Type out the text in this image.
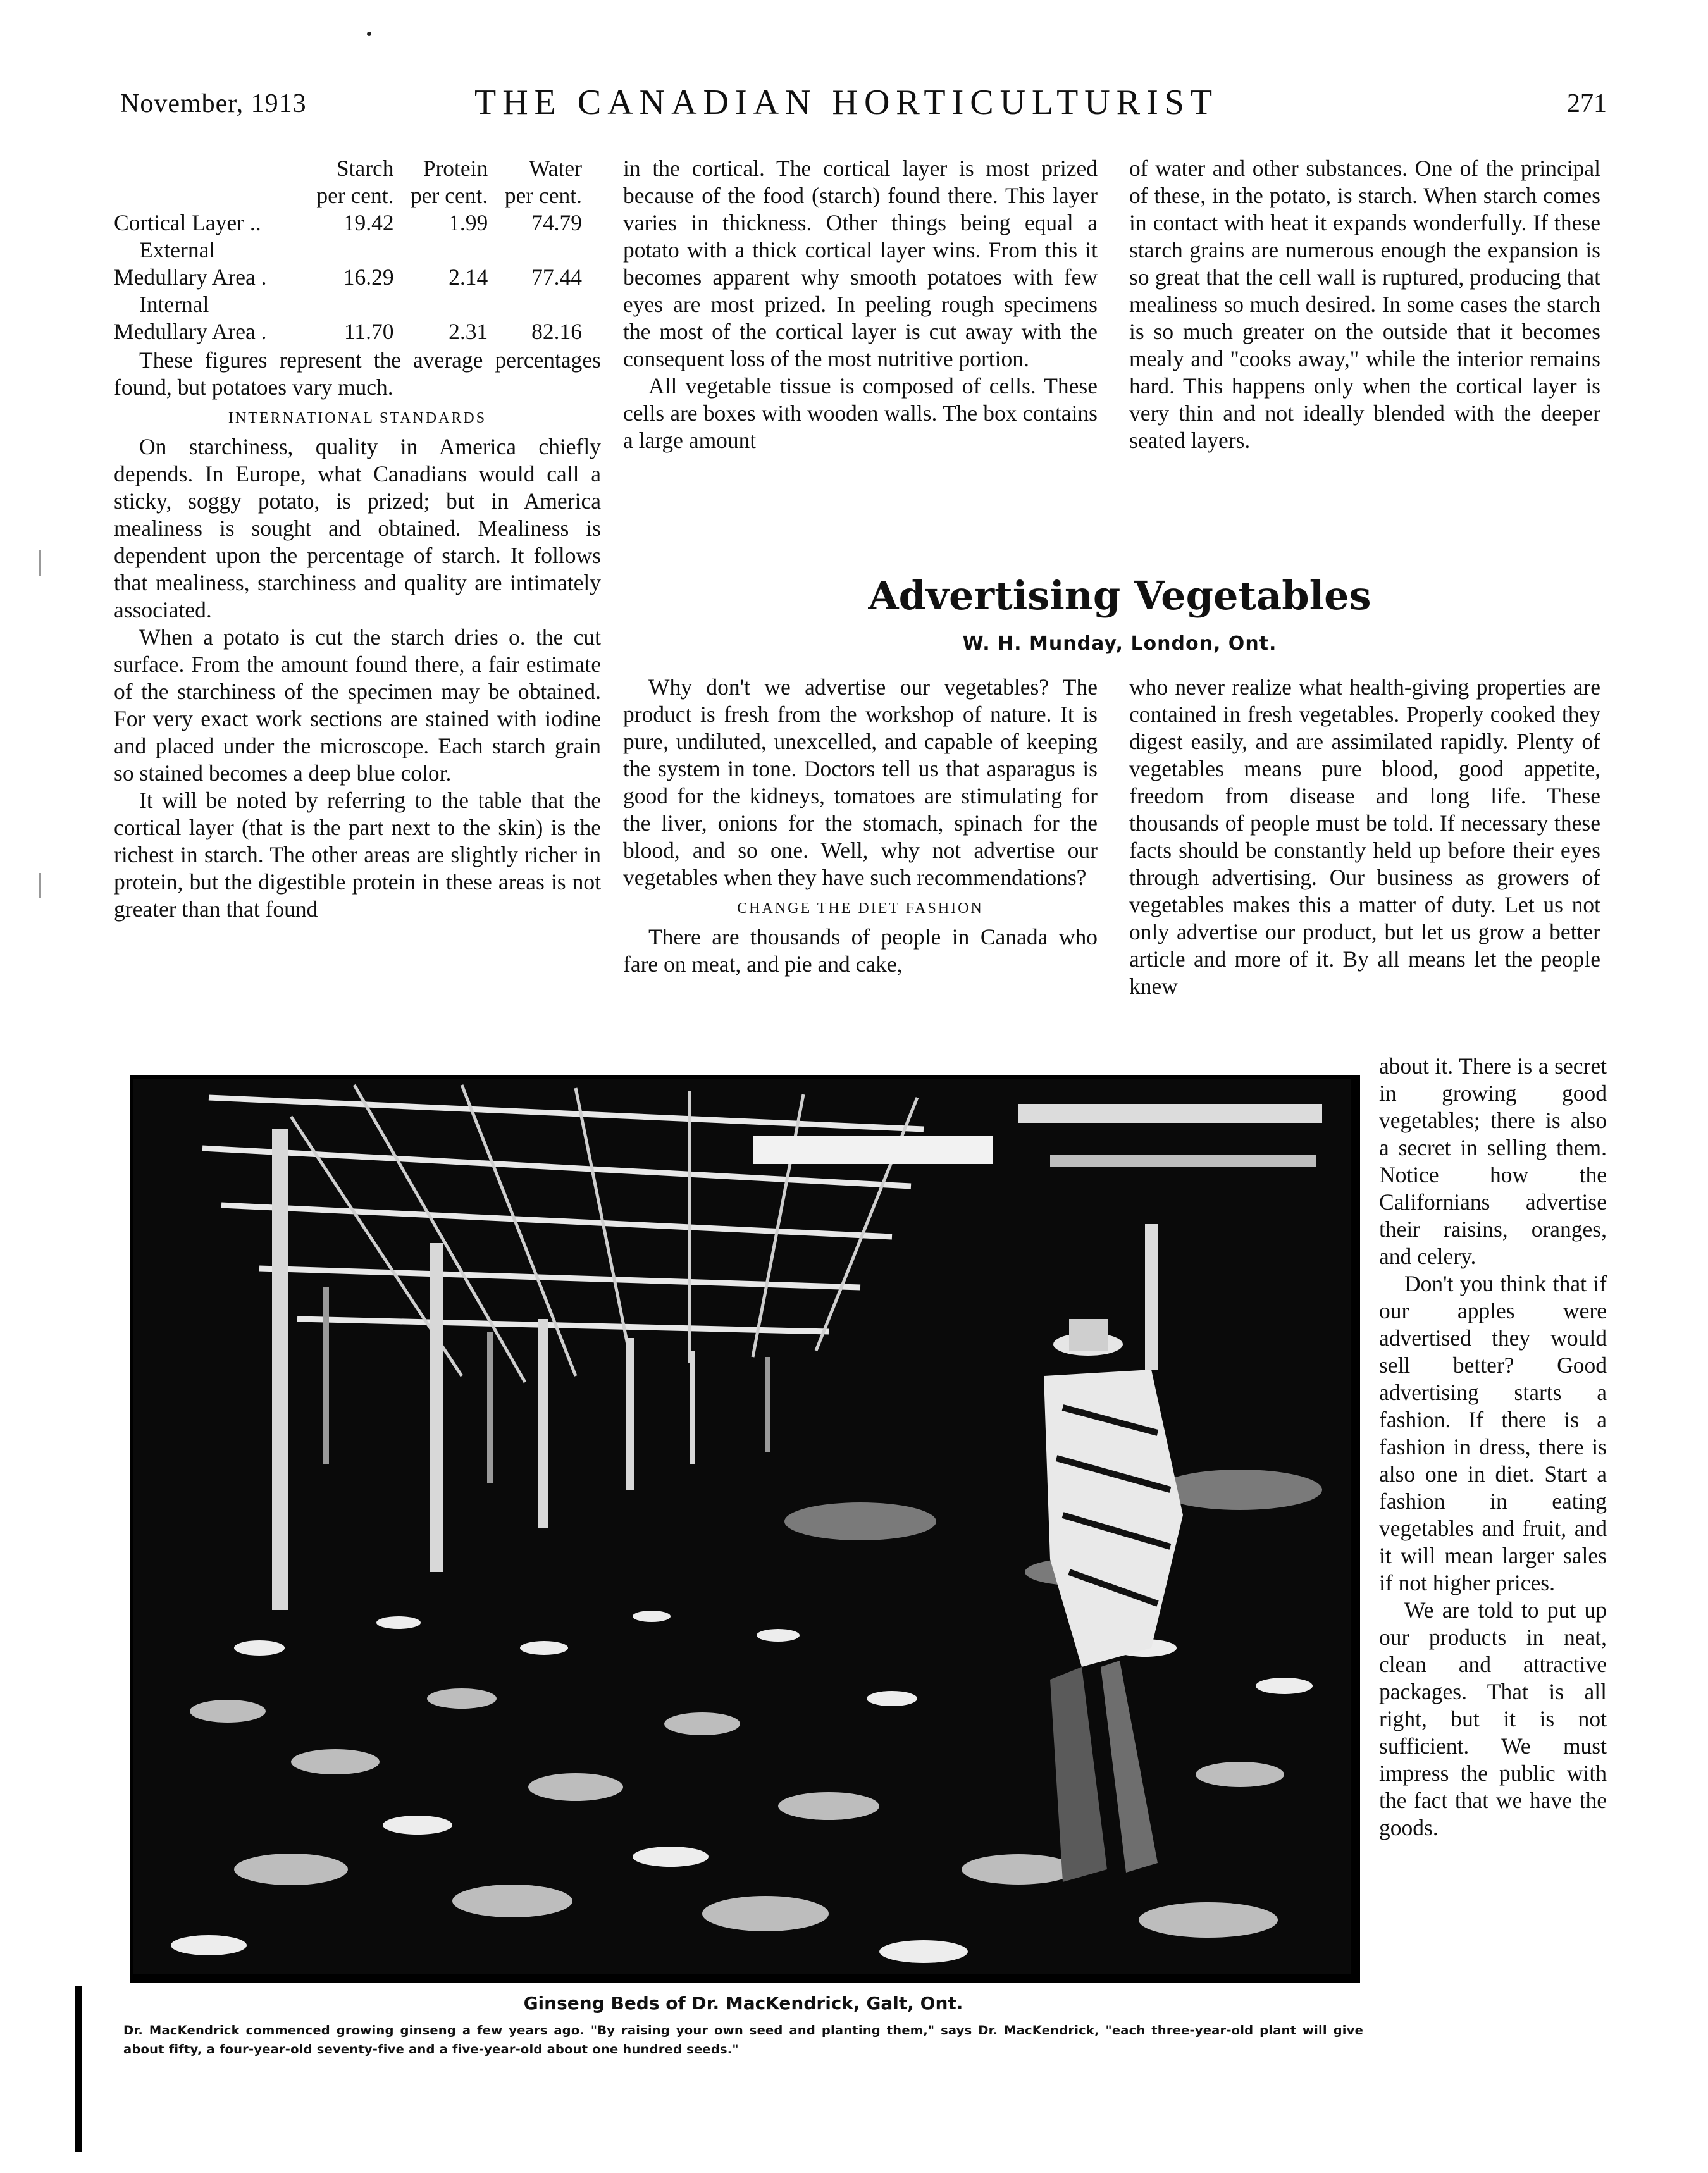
November, 1913	THE CANADIAN HORTICULTURIST	271
	Starch	Protein	Water
	per cent.	per cent.	per cent.
Cortical Layer ..	19.42	1.99	74.79
External			
Medullary Area .	16.29	2.14	77.44
Internal			
Medullary Area .	11.70	2.31	82.16

These figures represent the average percentages found, but potatoes vary much.

INTERNATIONAL STANDARDS

On starchiness, quality in America chiefly depends. In Europe, what Canadians would call a sticky, soggy potato, is prized; but in America mealiness is sought and obtained. Mealiness is dependent upon the percentage of starch. It follows that mealiness, starchiness and quality are intimately associated.

When a potato is cut the starch dries o. the cut surface. From the amount found there, a fair estimate of the starchiness of the specimen may be obtained. For very exact work sections are stained with iodine and placed under the microscope. Each starch grain so stained becomes a deep blue color.

It will be noted by referring to the table that the cortical layer (that is the part next to the skin) is the richest in starch. The other areas are slightly richer in protein, but the digestible protein in these areas is not greater than that found

in the cortical. The cortical layer is most prized because of the food (starch) found there. This layer varies in thickness. Other things being equal a potato with a thick cortical layer wins. From this it becomes apparent why smooth potatoes with few eyes are most prized. In peeling rough specimens the most of the cortical layer is cut away with the consequent loss of the most nutritive portion.

All vegetable tissue is composed of cells. These cells are boxes with wooden walls. The box contains a large amount

of water and other substances. One of the principal of these, in the potato, is starch. When starch comes in contact with heat it expands wonderfully. If these starch grains are numerous enough the expansion is so great that the cell wall is ruptured, producing that mealiness so much desired. In some cases the starch is so much greater on the outside that it becomes mealy and "cooks away," while the interior remains hard. This happens only when the cortical layer is very thin and not ideally blended with the deeper seated layers.

Advertising Vegetables
W. H. Munday, London, Ont.

Why don't we advertise our vegetables? The product is fresh from the workshop of nature. It is pure, undiluted, unexcelled, and capable of keeping the system in tone. Doctors tell us that asparagus is good for the kidneys, tomatoes are stimulating for the liver, onions for the stomach, spinach for the blood, and so one. Well, why not advertise our vegetables when they have such recommendations?

CHANGE THE DIET FASHION

There are thousands of people in Canada who fare on meat, and pie and cake,

who never realize what health-giving properties are contained in fresh vegetables. Properly cooked they digest easily, and are assimilated rapidly. Plenty of vegetables means pure blood, good appetite, freedom from disease and long life. These thousands of people must be told. If necessary these facts should be constantly held up before their eyes through advertising. Our business as growers of vegetables makes this a matter of duty. Let us not only advertise our product, but let us grow a better article and more of it. By all means let the people knew

about it. There is a secret in growing good vegetables; there is also a secret in selling them. Notice how the Californians advertise their raisins, oranges, and celery.

Don't you think that if our apples were advertised they would sell better? Good advertising starts a fashion. If there is a fashion in dress, there is also one in diet. Start a fashion in eating vegetables and fruit, and it will mean larger sales if not higher prices.

We are told to put up our products in neat, clean and attractive packages. That is all right, but it is not sufficient. We must impress the public with the fact that we have the goods.

Ginseng Beds of Dr. MacKendrick, Galt, Ont.
Dr. MacKendrick commenced growing ginseng a few years ago. "By raising your own seed and planting them," says Dr. MacKendrick, "each three-year-old plant will give about fifty, a four-year-old seventy-five and a five-year-old about one hundred seeds."
